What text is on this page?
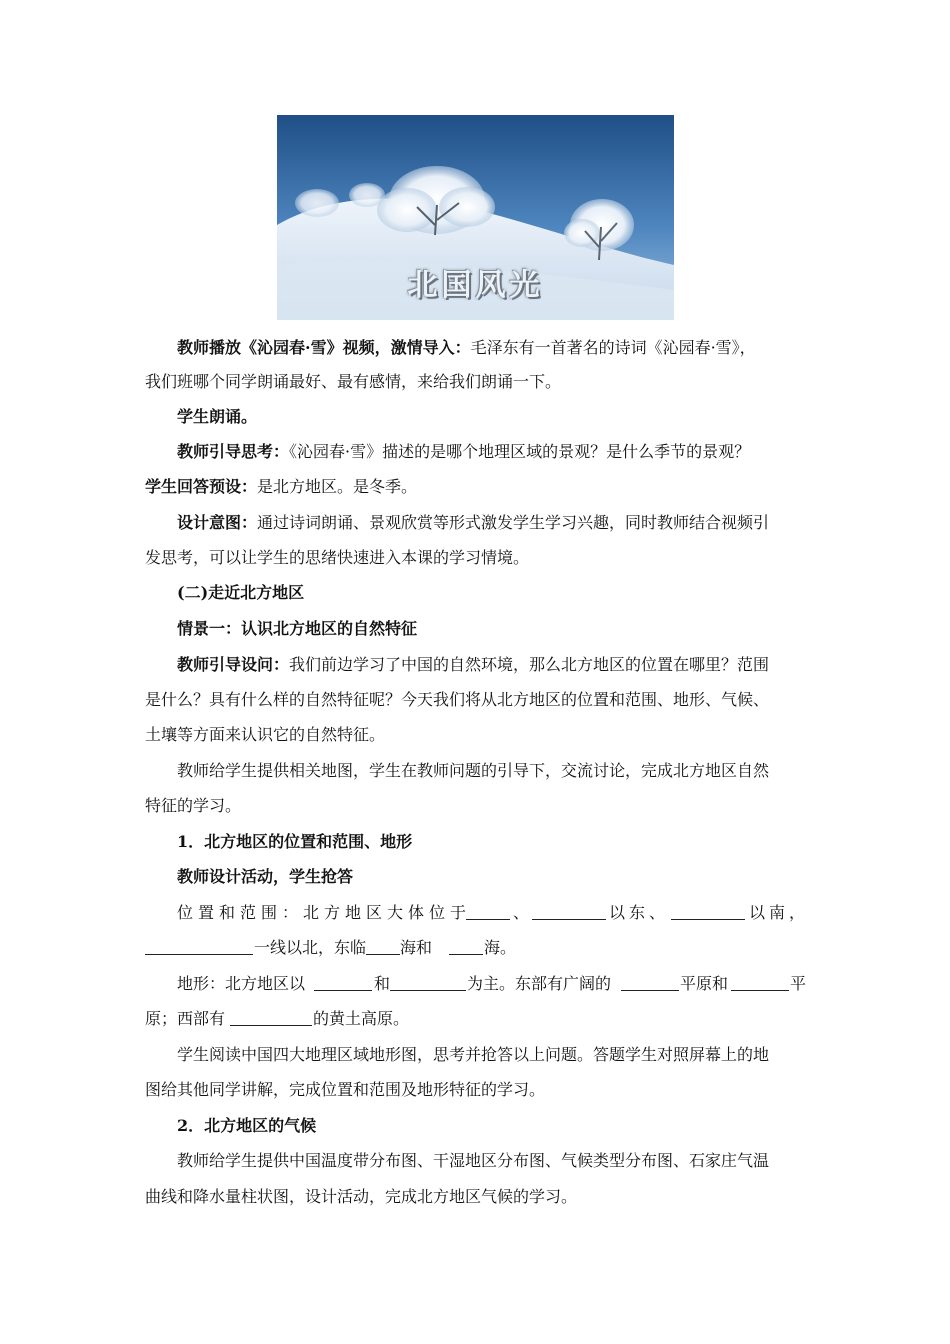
北国风光
教师播放《沁园春·雪》视频，激情导入：毛泽东有一首著名的诗词《沁园春·雪》，
我们班哪个同学朗诵最好、最有感情，来给我们朗诵一下。
学生朗诵。
教师引导思考：《沁园春·雪》描述的是哪个地理区域的景观？是什么季节的景观？
学生回答预设：是北方地区。是冬季。
设计意图：通过诗词朗诵、景观欣赏等形式激发学生学习兴趣，同时教师结合视频引
发思考，可以让学生的思绪快速进入本课的学习情境。
(二)走近北方地区
情景一：认识北方地区的自然特征
教师引导设问：我们前边学习了中国的自然环境，那么北方地区的位置在哪里？范围
是什么？具有什么样的自然特征呢？今天我们将从北方地区的位置和范围、地形、气候、
土壤等方面来认识它的自然特征。
教师给学生提供相关地图，学生在教师问题的引导下，交流讨论，完成北方地区自然
特征的学习。
1．北方地区的位置和范围、地形
教师设计活动，学生抢答
位置和范围：北方地区大体位于	、	以东、	以南，
一线以北，东临 海和	海。
地形：北方地区以	和	为主。东部有广阔的	平原和	平
原；西部有	的黄土高原。
学生阅读中国四大地理区域地形图，思考并抢答以上问题。答题学生对照屏幕上的地
图给其他同学讲解，完成位置和范围及地形特征的学习。
2．北方地区的气候
教师给学生提供中国温度带分布图、干湿地区分布图、气候类型分布图、石家庄气温
曲线和降水量柱状图，设计活动，完成北方地区气候的学习。
